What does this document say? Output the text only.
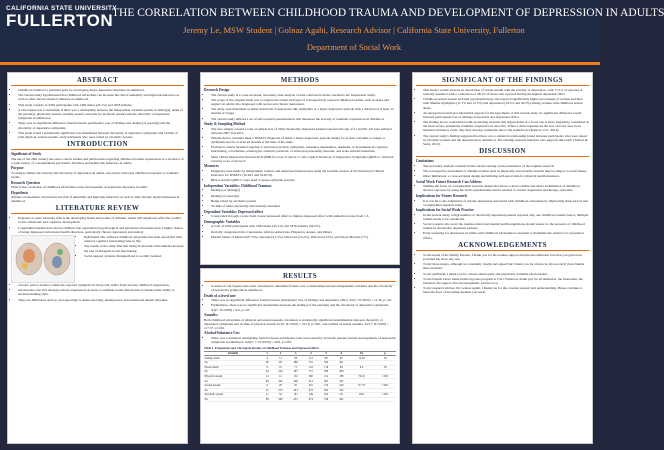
CALIFORNIA STATE UNIVERSITY
FULLERTON
THE CORRELATION BETWEEN CHILDHOOD TRAUMA AND DEVELOPMENT OF DEPRESSION IN ADULTS
Jeremy Le, MSW Student | Golnaz Agahi, Research Advisor | California State University, Fullerton
Department of Social Work
ABSTRACT
• Childhood trauma is a pertinent peril for developing major depressive disorders in adulthood.
• The current study hypothesized that childhood adversities can increase the risk of unhealthy and high-risk behaviors as well as other chronic medical illnesses in adulthood.
• This study consists of 5294 participants with 1484 males (45.1%) and 1818 females.
• A Chi-Square test to determine if there was a relationship between the independent variables (death of sibling(s), death of the parent(s), physically assault, sexually assault, and raise by alcoholic parent) and the chronicity of depressive symptoms in adulthood.
• There was no significant difference found between participants' loss of siblings and death(s) of parent(s) and the chronicity of depressive symptoms.
• This study found a statistically significant was determined between chronicity of depressive symptoms and victims of both physical, sexual assaults, and participants who were raised by alcoholic parents.
INTRODUCTION
Significant of Study

The use of the 20th century has seen a rise in studies and publications regarding childhood trauma experiences as a predictor of a wide variety of conceptualized psychiatric disorders and health risk behaviors in adults.

Purpose

To analyze further the severity and chronicity of depression in adults, associated with early childhood exposure to traumatic events.

Research Question

What is the correlation of childhood adversities on the development of depressive disorders in adult?

Hypothesis

childhood adversities can increase the risk of unhealthy and high-risk behaviors as well as other chronic medical illnesses in adulthood.

LITERATURE REVIEW
• Exposure to early adversity affects the developing brains and bodies of children, which will negatively affect the youth's social, emotional, and cognitive development.
• Longitudinal studies have shown children who experienced psychological and emotional adversities have a higher chance of being diagnosed with mental health disorders, particularly chronic depression and anxiety
• Individuals who suffered childhood adversities has been associated with reduced cognitive functioning later in life.
• The results of the study find that living in stressful environments increase the rate of disrupted social functioning.
• Social support systems disrupted lead to socially isolated
• Chronic pain is another commonly reported symptom for those who suffer from adverse childhood experiences.
• Adolescents who live through adverse experiences in teens to establish sound dissociative avoidance their ability to decision-making style.
• There are limitations such as over-reporting or under-reporting, undiagnosed, and undetected mental disorders.
METHODS
Research Design
• The current study is a cross-sectional, secondary data analysis of data collected from the German LAC Depression Study.
• The scope of the original study was to explore the extent and types of retrospectively reported childhood trauma, such as abuse and neglect, in adults who diagnosed with severe and chronic depression.
• The study operationalized as either mild form of depression like dysthymia or a major depressive episode with a duration of at least 12 months or longer
• The current study utilized a set of self-reported questionnaires that measured the severity of traumatic experiences in childhood.
Study & Sampling Method
• The new sample created a total of sample size of 5294 chronically depressed patients between the age of 21 and 60. All were enlisted between 2007 and 2015.
• Patients had to currently meet a DSM-IV diagnosis of either a major depressive episode lasting for at least 2 months or longer or dysthymia last for at least 24 months at the time of the study.
• Exclusion criteria included ongoing or previous psychotic symptoms, substance dependence, dementia, or decrements in cognitive functioning, a borderline, schizotypal, schizoid, paranoid, or antisocial personality disorder, and acute suicidal intentions.
• Meet a Beck Depression Inventories II (BDI-II; score of above 17 and a Quick Inventory of Depressive Symptoms (QIDS-C; clinician version) score of above 9.
Measures
• Diagnoses were made by independent, trained, and supervised interviewers using the German version of the Structured Clinical Interview for DSM-IV (SCID I and SCID II).
• BDI-2 and the QIDS-C were used to assess symptom severity.
Independent Variables: Childhood Traumas
• Death(s) of sibling(s)
• Death(s) of parent(s)
• Being raised by alcoholic parents
• Victims of either physically and sexually assaulted
Dependent Variables: Depressed affect
• Categorized through a scale from lowest depressed affect to highest depressed affect with numerical scales from 1-6
Demographic Variables
• A total of 5294 participants with 1484 males (45.1%) and 1818 females (34.9%).
• Racially: categorized into Caucasians, African-Americans, Hispanics, Asians, and Others
• Marital Status of Married (67.3%), Separated (1.3%), Divorced (13.2%), Widowed (13%), and Never Married (7%).
RESULTS
• A series of Chi-Square tests were calculated to determine if there was a relationship between independent variables and the chronicity of depressive symptoms in adulthood.
Death of a loved one:
• There was no significant difference found between participants' loss of siblings and depressive affect, X2(7, N=2925) = 12.36, p=.05.
• Furthermore, there was no significant relationship between the death(s) of the parent(s) and the chronicity of depressive symptoms, X2(7, N=2958) = 6.0, p=.05.
Assaults:

Both childhood adversities of physical and sexual assaults calculated. A statistically significant determination between chronicity of depressive symptoms and victims of physical assault X2 (6, N=2910) = 76.16, p<.001, and victims of sexual assaults, X2 (7, N=2930) = 117.57, p<.001.

Alcohol/Substance Use:
• There was a statistical relationship found between participants who were raised by alcoholic parents and the developments of depressive symptoms in adulthood, X2(47, 7, N=2939) = 29.6, p<.001.
Table 1. Frequencies and Chi-Square Results of Childhood Traumas and Depressed Affect
Variable	1	2	3	4	5	6	X2	p
Sibling death	4	12	58	112	88	62	12.36	.05
No	96	231	480	761	590	431		
Parent death	6	19	71	152	118	84	6.0	.05
No	94	224	467	721	560	409		
Physical assault	14	41	132	260	211	188	76.16	<.001
No	86	202	406	613	467	305		
Sexual assault	9	28	95	201	176	169	117.57	<.001
No	91	215	443	672	502	324		
Alcoholic parent	11	34	101	199	162	131	29.6	<.001
No	89	209	437	674	516	362		
SIGNIFICANT OF THE FINDINGS
• This study's results showed an association of sexual assault with the severity of depression, with 77.2% of reported of sexually assaulted with a connection of 48.3% of those who reported having the highest depressed affect.
• Childhood sexual assault and later psychopathology and reported significantly higher percentages of women and men with lifetime dysthymia (11.7% and 12.5%) and depression (19.3% and 30.3%) among women with childhood sexual abuse.
• An unexpected result provided initial support for the hypothesis of this current study: no significant difference found between participants' loss of siblings and parents and depressive affect.
• The finding above contradicted with an existing research that argues death of a loved one is more frequently considered as the most severe, potentially traumatic experience in one's life. When a child experienced the loss of loved ones in an intensive incidence event, they may develop symptoms due to the sudden loss (Kaplow et al., 2014).
• The current study's finding suggested that there was a statistical relationship found between participants who were raised by alcoholic parents and the depressions in adulthood. The existing research literature also supports this result (Tomori & Sarin, 2012).
DISCUSSION
Limitations
• The secondary analysis resulted in this current relying on the parameters of the original research.
• The retrospective assessment of childhood abuse such as physically and sexually assaults may be subject to recall biases.
• Other limitations: a cross-sectional design and utilizing self-report data for physical health measures.
Social Work Future Research Can Address
• Shifting the focus on a longitudinal research design that allows a more reliable and direct examination of childhood adverse exposure by using the ACEs questionnaire and in relation to chronic depression and therapy outcomes.
Implications for Future Research
• It is crucial to the exhaustion of chronic depression associated with childhood adversities by implicating these factors into a longitudinal research study.
Implications for Social Work Practice
• In the present study, a high number of chronically depressed patients reported only one childhood trauma; hence, multiple trauma needs to be considered.
• Social workers who serve the trauma-related and mental health populations should assess for the presence of childhood trauma in chronically depressed patients.
• Early screening for depression in adults with childhood adversities is essential to maximize the window for prevention efforts.
ACKNOWLEDGEMENTS
• To the heads of the family, Parents, I thank you for the endless support and the unconditional love that you guys have provided me since day one.
• To my three sisters, although we constantly fought and argued but I thank you for always be my second (!) best friends there and find.
• To my girlfriend, I thank you for always emotionally and physically available when needed.
• To the friends I have made in this rigorous program at CSU, Fullerton, thank you for all memories, the frustration, the irritation, the support, the encouragement, and the love.
• To my research advisor, Dr. Golnaz Agahi, I thank you for the constant support and understanding. Please continue to bless the lives of incoming students you teach.
